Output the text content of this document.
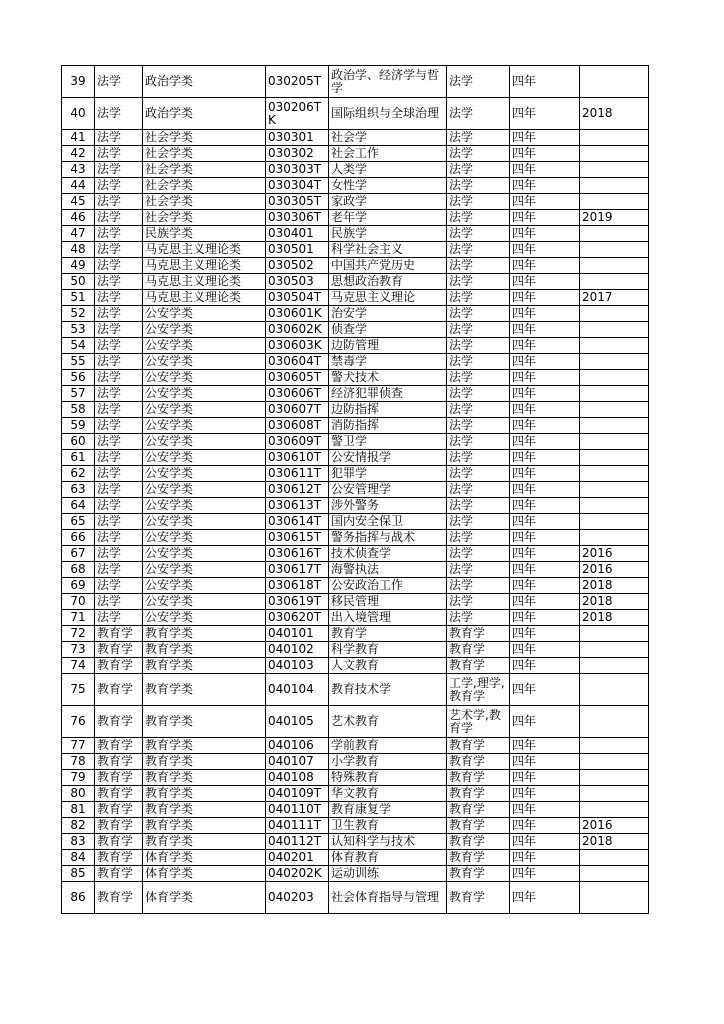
39	法学	政治学类	030205T	政治学、经济学与哲学	法学	四年	
40	法学	政治学类	030206TK	国际组织与全球治理	法学	四年	2018
41	法学	社会学类	030301	社会学	法学	四年	
42	法学	社会学类	030302	社会工作	法学	四年	
43	法学	社会学类	030303T	人类学	法学	四年	
44	法学	社会学类	030304T	女性学	法学	四年	
45	法学	社会学类	030305T	家政学	法学	四年	
46	法学	社会学类	030306T	老年学	法学	四年	2019
47	法学	民族学类	030401	民族学	法学	四年	
48	法学	马克思主义理论类	030501	科学社会主义	法学	四年	
49	法学	马克思主义理论类	030502	中国共产党历史	法学	四年	
50	法学	马克思主义理论类	030503	思想政治教育	法学	四年	
51	法学	马克思主义理论类	030504T	马克思主义理论	法学	四年	2017
52	法学	公安学类	030601K	治安学	法学	四年	
53	法学	公安学类	030602K	侦查学	法学	四年	
54	法学	公安学类	030603K	边防管理	法学	四年	
55	法学	公安学类	030604T	禁毒学	法学	四年	
56	法学	公安学类	030605T	警犬技术	法学	四年	
57	法学	公安学类	030606T	经济犯罪侦查	法学	四年	
58	法学	公安学类	030607T	边防指挥	法学	四年	
59	法学	公安学类	030608T	消防指挥	法学	四年	
60	法学	公安学类	030609T	警卫学	法学	四年	
61	法学	公安学类	030610T	公安情报学	法学	四年	
62	法学	公安学类	030611T	犯罪学	法学	四年	
63	法学	公安学类	030612T	公安管理学	法学	四年	
64	法学	公安学类	030613T	涉外警务	法学	四年	
65	法学	公安学类	030614T	国内安全保卫	法学	四年	
66	法学	公安学类	030615T	警务指挥与战术	法学	四年	
67	法学	公安学类	030616T	技术侦查学	法学	四年	2016
68	法学	公安学类	030617T	海警执法	法学	四年	2016
69	法学	公安学类	030618T	公安政治工作	法学	四年	2018
70	法学	公安学类	030619T	移民管理	法学	四年	2018
71	法学	公安学类	030620T	出入境管理	法学	四年	2018
72	教育学	教育学类	040101	教育学	教育学	四年	
73	教育学	教育学类	040102	科学教育	教育学	四年	
74	教育学	教育学类	040103	人文教育	教育学	四年	
75	教育学	教育学类	040104	教育技术学	工学,理学,教育学	四年	
76	教育学	教育学类	040105	艺术教育	艺术学,教育学	四年	
77	教育学	教育学类	040106	学前教育	教育学	四年	
78	教育学	教育学类	040107	小学教育	教育学	四年	
79	教育学	教育学类	040108	特殊教育	教育学	四年	
80	教育学	教育学类	040109T	华文教育	教育学	四年	
81	教育学	教育学类	040110T	教育康复学	教育学	四年	
82	教育学	教育学类	040111T	卫生教育	教育学	四年	2016
83	教育学	教育学类	040112T	认知科学与技术	教育学	四年	2018
84	教育学	体育学类	040201	体育教育	教育学	四年	
85	教育学	体育学类	040202K	运动训练	教育学	四年	
86	教育学	体育学类	040203	社会体育指导与管理	教育学	四年	
